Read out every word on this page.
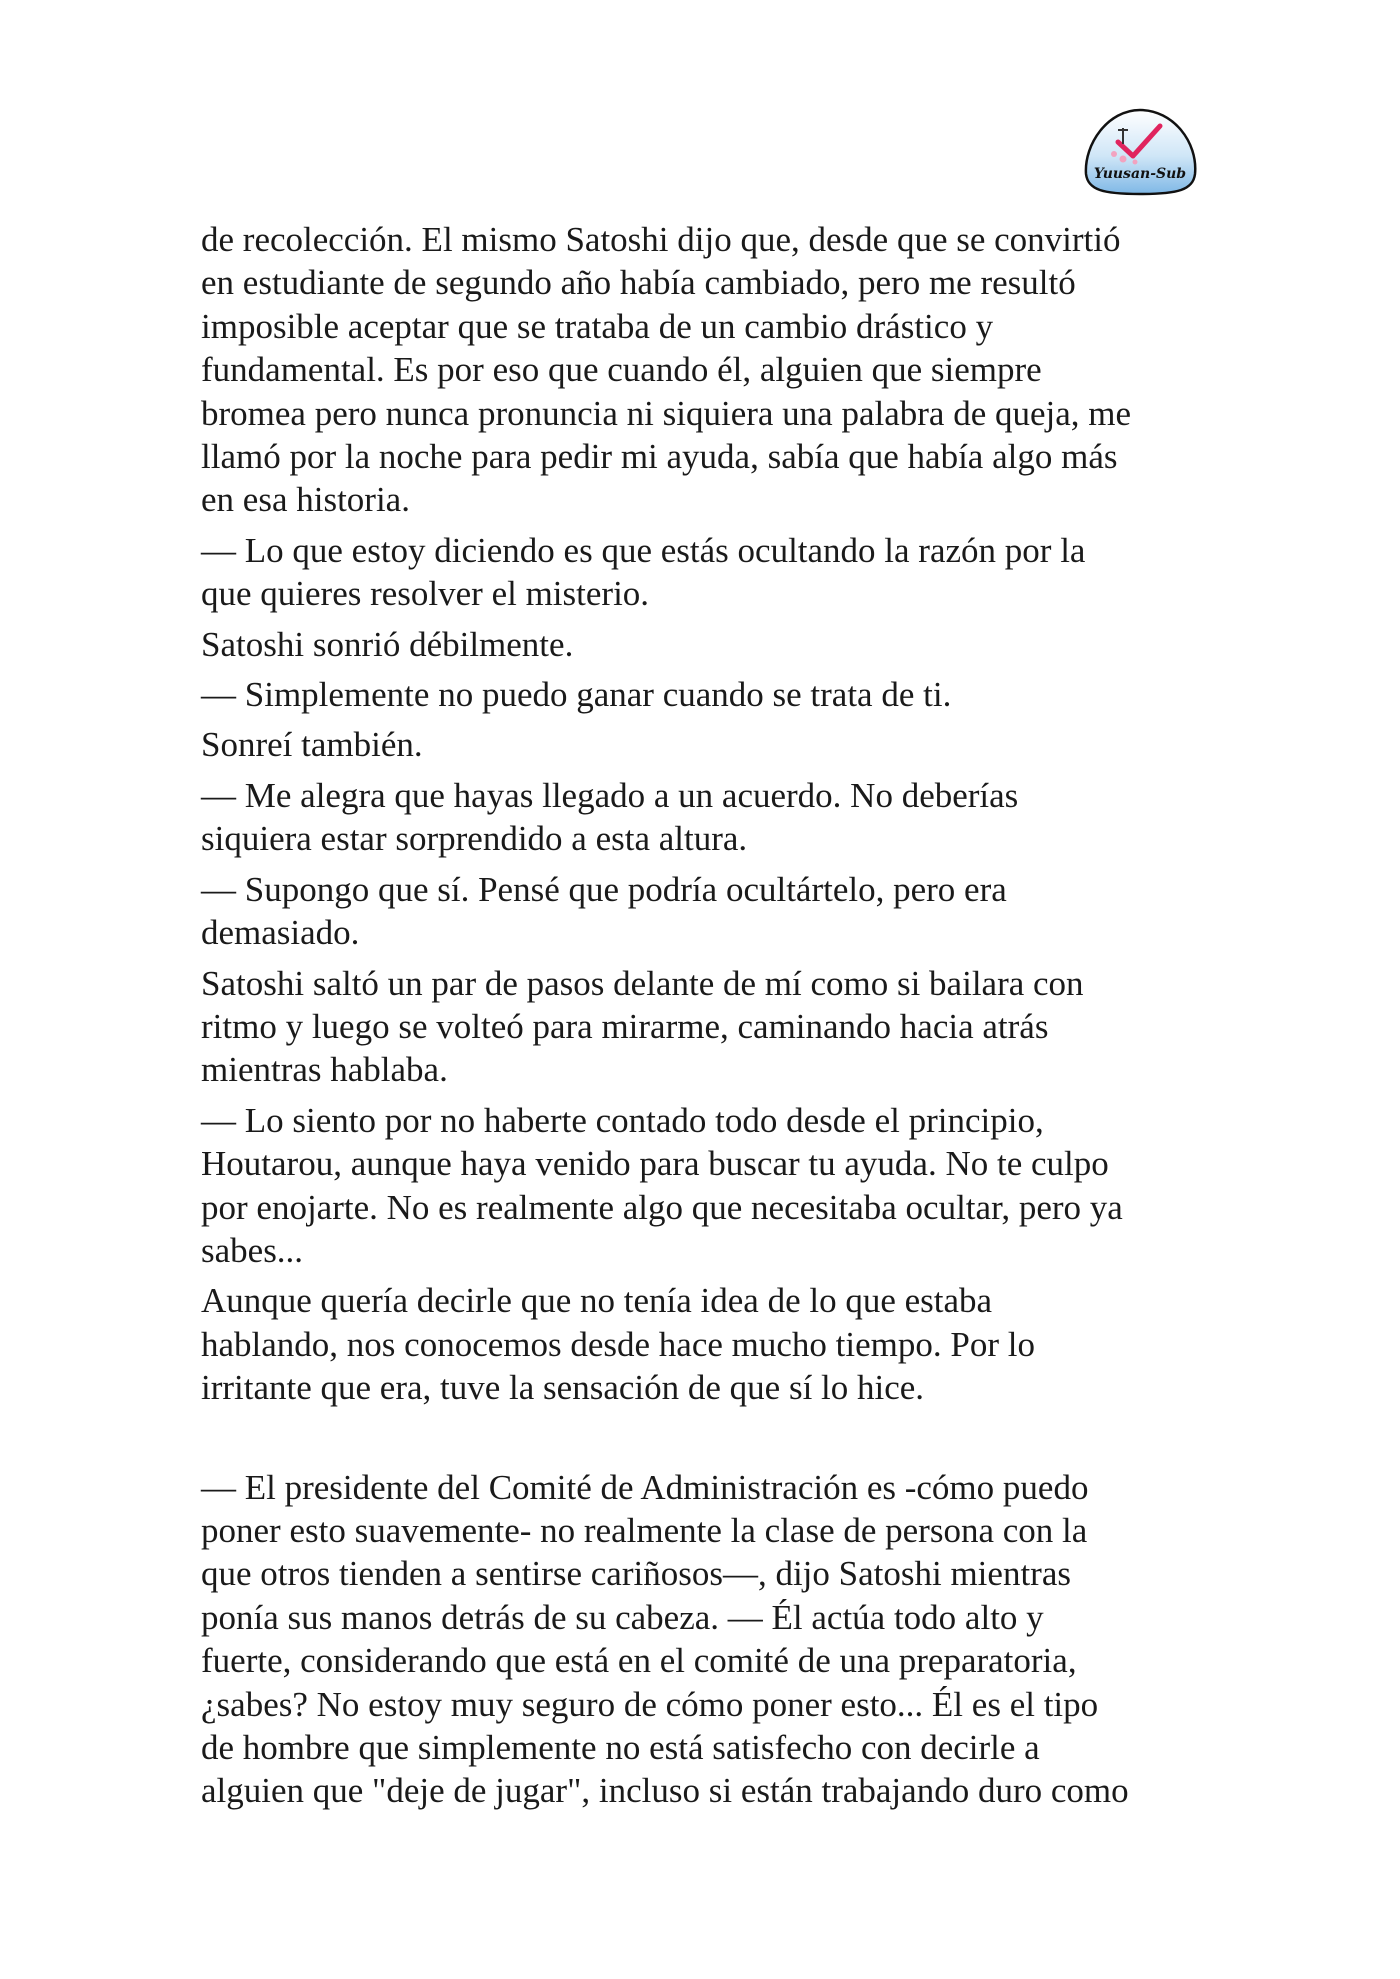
Yuusan-Sub

de recolección. El mismo Satoshi dijo que, desde que se convirtió
en estudiante de segundo año había cambiado, pero me resultó
imposible aceptar que se trataba de un cambio drástico y
fundamental. Es por eso que cuando él, alguien que siempre
bromea pero nunca pronuncia ni siquiera una palabra de queja, me
llamó por la noche para pedir mi ayuda, sabía que había algo más
en esa historia.

— Lo que estoy diciendo es que estás ocultando la razón por la
que quieres resolver el misterio.

Satoshi sonrió débilmente.

— Simplemente no puedo ganar cuando se trata de ti.

Sonreí también.

— Me alegra que hayas llegado a un acuerdo. No deberías
siquiera estar sorprendido a esta altura.

— Supongo que sí. Pensé que podría ocultártelo, pero era
demasiado.

Satoshi saltó un par de pasos delante de mí como si bailara con
ritmo y luego se volteó para mirarme, caminando hacia atrás
mientras hablaba.

— Lo siento por no haberte contado todo desde el principio,
Houtarou, aunque haya venido para buscar tu ayuda. No te culpo
por enojarte. No es realmente algo que necesitaba ocultar, pero ya
sabes...

Aunque quería decirle que no tenía idea de lo que estaba
hablando, nos conocemos desde hace mucho tiempo. Por lo
irritante que era, tuve la sensación de que sí lo hice.

— El presidente del Comité de Administración es -cómo puedo
poner esto suavemente- no realmente la clase de persona con la
que otros tienden a sentirse cariñosos—, dijo Satoshi mientras
ponía sus manos detrás de su cabeza. — Él actúa todo alto y
fuerte, considerando que está en el comité de una preparatoria,
¿sabes? No estoy muy seguro de cómo poner esto... Él es el tipo
de hombre que simplemente no está satisfecho con decirle a
alguien que "deje de jugar", incluso si están trabajando duro como
